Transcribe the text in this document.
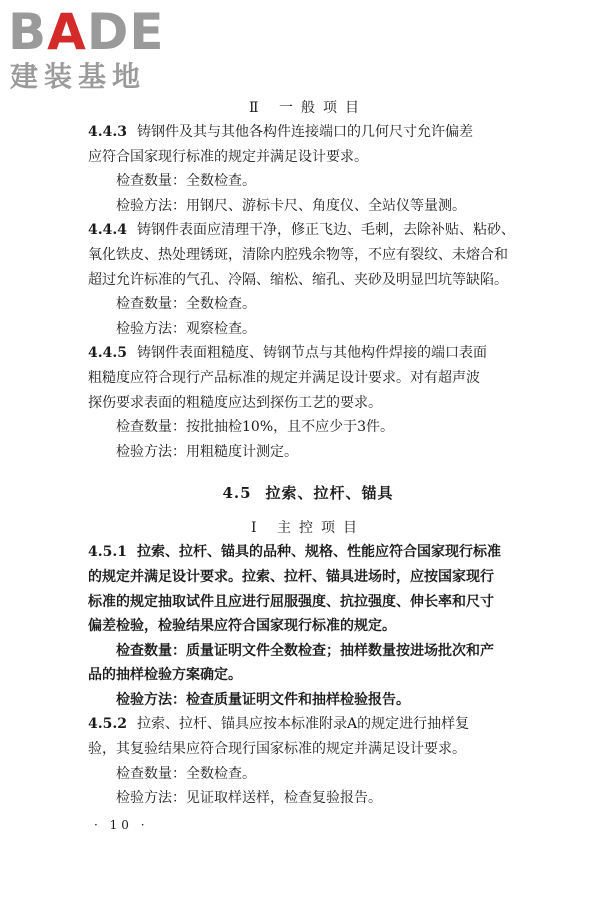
BADE
建装基地

Ⅱ 一般项目

4.4.3 铸钢件及其与其他各构件连接端口的几何尺寸允许偏差

应符合国家现行标准的规定并满足设计要求。

检查数量：全数检查。

检验方法：用钢尺、游标卡尺、角度仪、全站仪等量测。

4.4.4 铸钢件表面应清理干净，修正飞边、毛刺，去除补贴、粘砂、

氧化铁皮、热处理锈斑，清除内腔残余物等，不应有裂纹、未熔合和

超过允许标准的气孔、冷隔、缩松、缩孔、夹砂及明显凹坑等缺陷。

检查数量：全数检查。

检验方法：观察检查。

4.4.5 铸钢件表面粗糙度、铸钢节点与其他构件焊接的端口表面

粗糙度应符合现行产品标准的规定并满足设计要求。对有超声波

探伤要求表面的粗糙度应达到探伤工艺的要求。

检查数量：按批抽检10%，且不应少于3件。

检验方法：用粗糙度计测定。

4.5 拉索、拉杆、锚具

Ⅰ 主控项目

4.5.1 拉索、拉杆、锚具的品种、规格、性能应符合国家现行标准

的规定并满足设计要求。拉索、拉杆、锚具进场时，应按国家现行

标准的规定抽取试件且应进行屈服强度、抗拉强度、伸长率和尺寸

偏差检验，检验结果应符合国家现行标准的规定。

检查数量：质量证明文件全数检查；抽样数量按进场批次和产

品的抽样检验方案确定。

检验方法：检查质量证明文件和抽样检验报告。

4.5.2 拉索、拉杆、锚具应按本标准附录A的规定进行抽样复

验，其复验结果应符合现行国家标准的规定并满足设计要求。

检查数量：全数检查。

检验方法：见证取样送样，检查复验报告。

· 10 ·
